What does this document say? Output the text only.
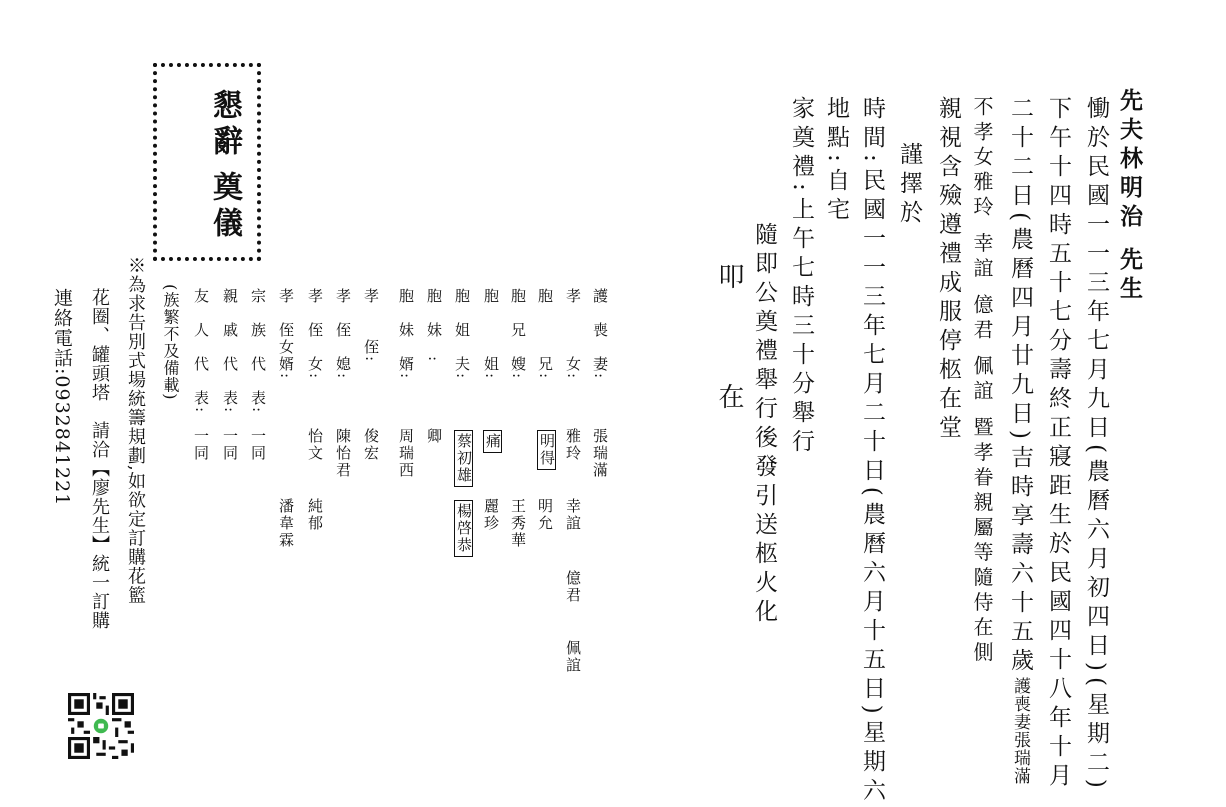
先夫林明治 先生
慟於民國一一三年七月九日(農曆六月初四日)(星期二)
下午十四時五十七分壽終正寢距生於民國四十八年十月
二十二日(農曆四月廿九日)吉時享壽六十五歲護喪妻張瑞滿
不孝女雅玲 幸誼 億君 佩誼 暨孝眷親屬等隨侍在側
親視含殮遵禮成服停柩在堂
謹擇於
時間:民國一一三年七月二十日(農曆六月十五日)星期六
地點:自宅
家奠禮:上午七時三十分舉行
隨即公奠禮舉行後發引送柩火化
叩
在
懇辭
奠儀
護　喪　妻:
張瑞滿
孝　　　女:
雅玲
幸誼
億君
佩誼
胞　　　兄:
明得
明允
胞　兄　嫂:
王秀華
胞　　　姐:
痛
麗珍
胞　姐　夫:
蔡初雄
楊啓恭
胞　妹　:
卿
胞　妹　婿:
周瑞西
孝　　侄:
俊宏
孝　侄　媳:
陳怡君
孝　侄　女:
怡文
純郁
孝　侄女婿:
潘韋霖
宗　族　代　表:
一同
親　戚　代　表:
一同
友　人　代　表:
一同
(族繁不及備載)
※為求告別式場統籌規劃,如欲定訂購花籃
花圈、罐頭塔　請洽【廖先生】統一訂購
連絡電話:0932841221
